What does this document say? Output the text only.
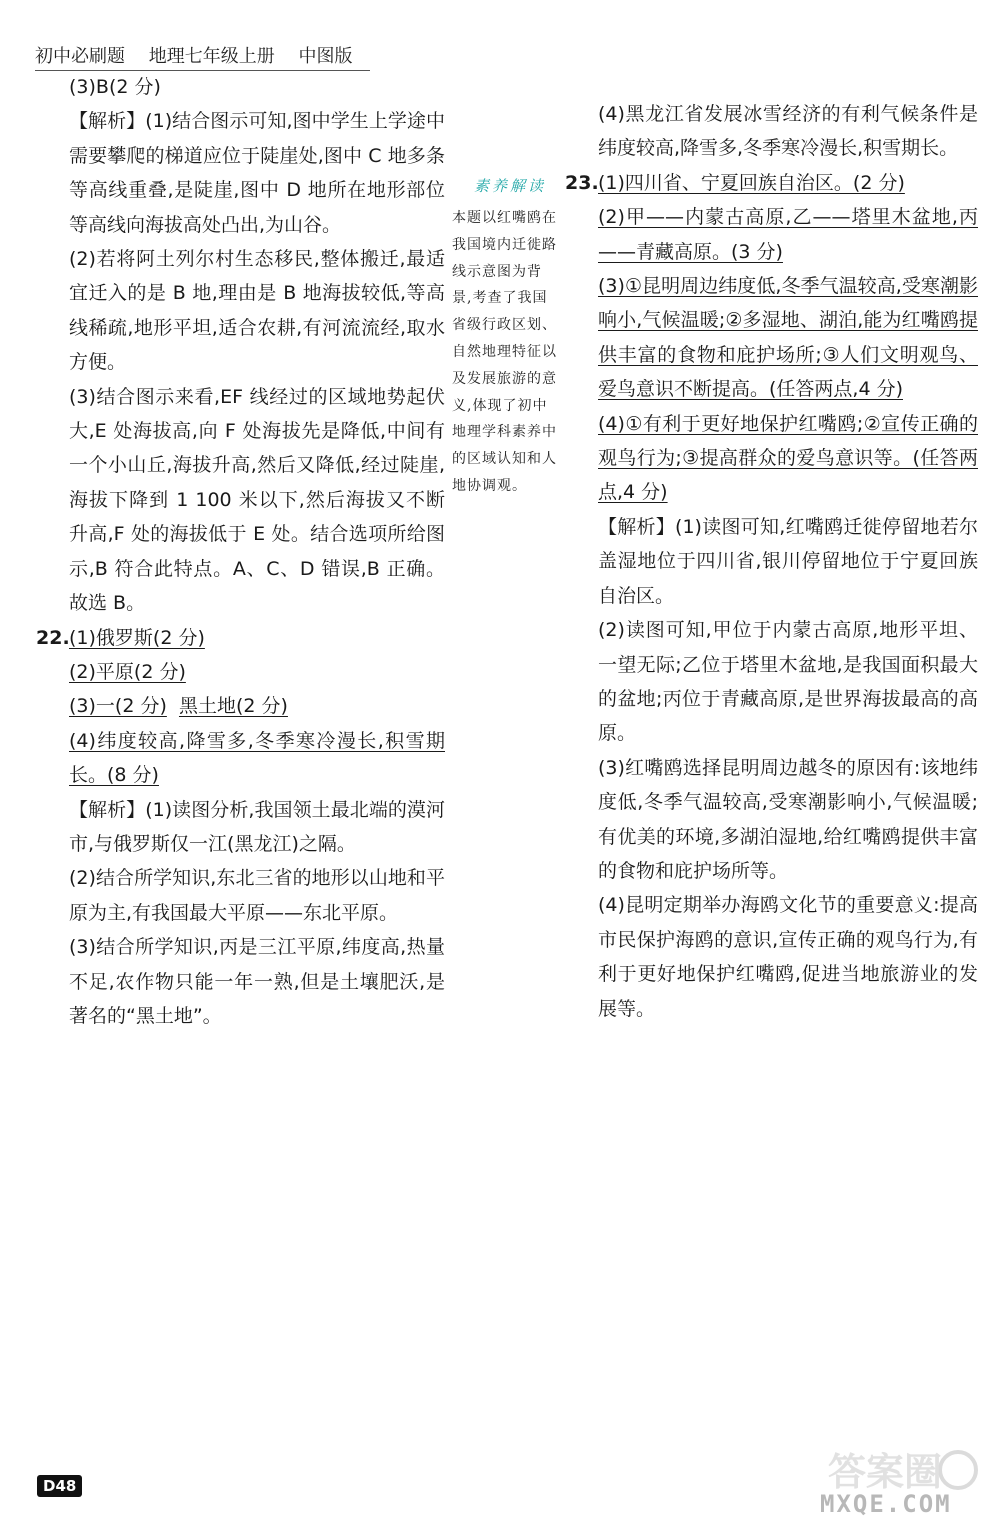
初中必刷题 地理七年级上册 中图版

(3)B(2 分)

【解析】(1)结合图示可知,图中学生上学途中需要攀爬的梯道应位于陡崖处,图中 C 地多条等高线重叠,是陡崖,图中 D 地所在地形部位等高线向海拔高处凸出,为山谷。

(2)若将阿土列尔村生态移民,整体搬迁,最适宜迁入的是 B 地,理由是 B 地海拔较低,等高线稀疏,地形平坦,适合农耕,有河流流经,取水方便。

(3)结合图示来看,EF 线经过的区域地势起伏大,E 处海拔高,向 F 处海拔先是降低,中间有一个小山丘,海拔升高,然后又降低,经过陡崖,海拔下降到 1 100 米以下,然后海拔又不断升高,F 处的海拔低于 E 处。结合选项所给图示,B 符合此特点。A、C、D 错误,B 正确。故选 B。

22.(1)俄罗斯(2 分)

(2)平原(2 分)

(3)一(2 分) 黑土地(2 分)

(4)纬度较高,降雪多,冬季寒冷漫长,积雪期长。(8 分)

【解析】(1)读图分析,我国领土最北端的漠河市,与俄罗斯仅一江(黑龙江)之隔。

(2)结合所学知识,东北三省的地形以山地和平原为主,有我国最大平原——东北平原。

(3)结合所学知识,丙是三江平原,纬度高,热量不足,农作物只能一年一熟,但是土壤肥沃,是著名的“黑土地”。

素养解读
本题以红嘴鸥在我国境内迁徙路线示意图为背景,考查了我国省级行政区划、自然地理特征以及发展旅游的意义,体现了初中地理学科素养中的区域认知和人地协调观。

(4)黑龙江省发展冰雪经济的有利气候条件是纬度较高,降雪多,冬季寒冷漫长,积雪期长。

23.(1)四川省、宁夏回族自治区。(2 分)

(2)甲——内蒙古高原,乙——塔里木盆地,丙——青藏高原。(3 分)

(3)①昆明周边纬度低,冬季气温较高,受寒潮影响小,气候温暖;②多湿地、湖泊,能为红嘴鸥提供丰富的食物和庇护场所;③人们文明观鸟、爱鸟意识不断提高。(任答两点,4 分)

(4)①有利于更好地保护红嘴鸥;②宣传正确的观鸟行为;③提高群众的爱鸟意识等。(任答两点,4 分)

【解析】(1)读图可知,红嘴鸥迁徙停留地若尔盖湿地位于四川省,银川停留地位于宁夏回族自治区。

(2)读图可知,甲位于内蒙古高原,地形平坦、一望无际;乙位于塔里木盆地,是我国面积最大的盆地;丙位于青藏高原,是世界海拔最高的高原。

(3)红嘴鸥选择昆明周边越冬的原因有:该地纬度低,冬季气温较高,受寒潮影响小,气候温暖;有优美的环境,多湖泊湿地,给红嘴鸥提供丰富的食物和庇护场所等。

(4)昆明定期举办海鸥文化节的重要意义:提高市民保护海鸥的意识,宣传正确的观鸟行为,有利于更好地保护红嘴鸥,促进当地旅游业的发展等。

D48	答案圈
MXQE.COM
